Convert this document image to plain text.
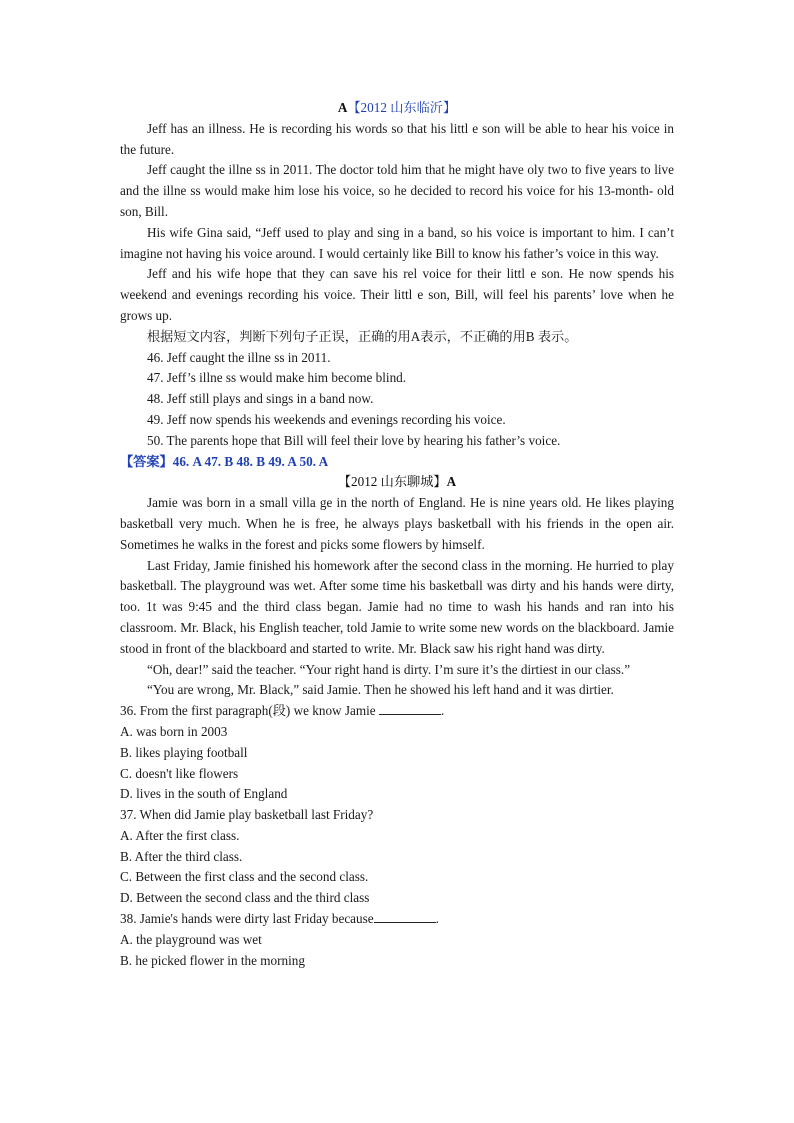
A【2012 山东临沂】

Jeff has an illness. He is recording his words so that his littl e son will be able to hear his voice in the future.

Jeff caught the illne ss in 2011. The doctor told him that he might have oly two to five years to live and the illne ss would make him lose his voice, so he decided to record his voice for his 13-month- old son, Bill.

His wife Gina said, “Jeff used to play and sing in a band, so his voice is important to him. I can’t imagine not having his voice around. I would certainly like Bill to know his father’s voice in this way.

Jeff and his wife hope that they can save his rel voice for their littl e son. He now spends his weekend and evenings recording his voice. Their littl e son, Bill, will feel his parents’ love when he grows up.

根据短文内容，判断下列句子正误，正确的用A表示，不正确的用B 表示。

46. Jeff caught the illne ss in 2011.

47. Jeff’s illne ss would make him become blind.

48. Jeff still plays and sings in a band now.

49. Jeff now spends his weekends and evenings recording his voice.

50. The parents hope that Bill will feel their love by hearing his father’s voice.

【答案】46. A 47. B 48. B 49. A 50. A

【2012 山东聊城】A

Jamie was born in a small villa ge in the north of England. He is nine years old. He likes playing basketball very much. When he is free, he always plays basketball with his friends in the open air. Sometimes he walks in the forest and picks some flowers by himself.

Last Friday, Jamie finished his homework after the second class in the morning. He hurried to play basketball. The playground was wet. After some time his basketball was dirty and his hands were dirty, too. 1t was 9:45 and the third class began. Jamie had no time to wash his hands and ran into his classroom. Mr. Black, his English teacher, told Jamie to write some new words on the blackboard. Jamie stood in front of the blackboard and started to write. Mr. Black saw his right hand was dirty.

“Oh, dear!” said the teacher. “Your right hand is dirty. I’m sure it’s the dirtiest in our class.”

“You are wrong, Mr. Black,” said Jamie. Then he showed his left hand and it was dirtier.

36. From the first paragraph(段) we know Jamie	.

A. was born in 2003

B. likes playing football

C. doesn't like flowers

D. lives in the south of England

37. When did Jamie play basketball last Friday?

A. After the first class.

B. After the third class.

C. Between the first class and the second class.

D. Between the second class and the third class

38. Jamie's hands were dirty last Friday because	.

A. the playground was wet

B. he picked flower in the morning
